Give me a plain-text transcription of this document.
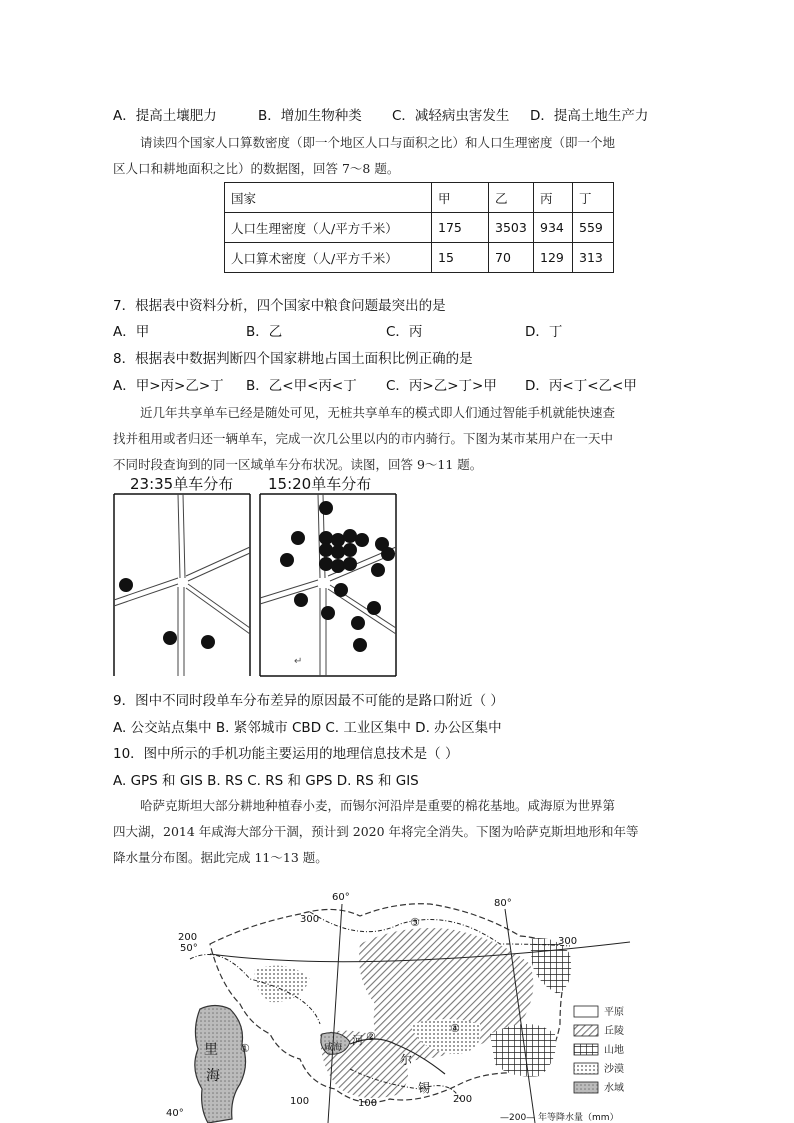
A．提高土壤肥力	B．增加生物种类 C．减轻病虫害发生 D．提高土地生产力
请读四个国家人口算数密度（即一个地区人口与面积之比）和人口生理密度（即一个地
区人口和耕地面积之比）的数据图，回答 7～8 题。
国家	甲	乙	丙	丁
人口生理密度（人/平方千米）	175	3503	934	559
人口算术密度（人/平方千米）	15	70	129	313
7．根据表中资料分析，四个国家中粮食问题最突出的是
A．甲	B．乙	C．丙	D．丁
8．根据表中数据判断四个国家耕地占国土面积比例正确的是
A．甲>丙>乙>丁 B．乙<甲<丙<丁 C．丙>乙>丁>甲 D．丙<丁<乙<甲
近几年共享单车已经是随处可见，无桩共享单车的模式即人们通过智能手机就能快速查
找并租用或者归还一辆单车，完成一次几公里以内的市内骑行。下图为某市某用户在一天中
不同时段查询到的同一区域单车分布状况。读图，回答 9～11 题。
23:35单车分布 15:20单车分布
↵
9．图中不同时段单车分布差异的原因最不可能的是路口附近（ ）
A. 公交站点集中 B. 紧邻城市 CBD C. 工业区集中 D. 办公区集中
10．图中所示的手机功能主要运用的地理信息技术是（ ）
A. GPS 和 GIS B. RS C. RS 和 GPS D. RS 和 GIS
哈萨克斯坦大部分耕地种植春小麦，而锡尔河沿岸是重要的棉花基地。咸海原为世界第
四大湖，2014 年咸海大部分干涸，预计到 2020 年将完全消失。下图为哈萨克斯坦地形和年等
降水量分布图。据此完成 11～13 题。
50°
40°
60°
80°
300
300
200
100	100	200
里
海
咸海
河
尔
锡
①
②
③
④
平原
丘陵
山地
沙漠
水域
—200— 年等降水量（mm）
